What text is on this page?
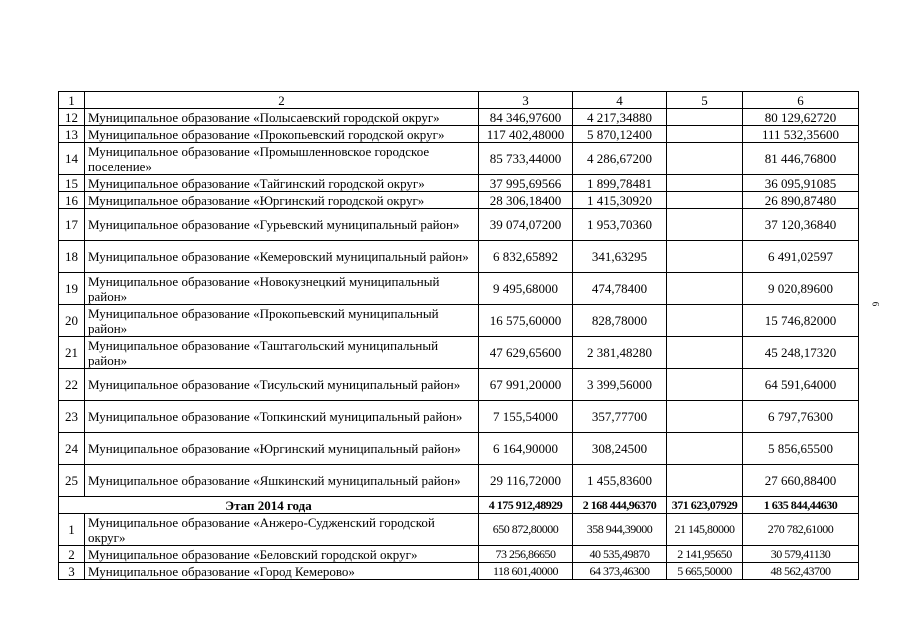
1	2	3	4	5	6
12	Муниципальное образование «Полысаевский городской округ»	84 346,97600	4 217,34880		80 129,62720
13	Муниципальное образование «Прокопьевский городской округ»	117 402,48000	5 870,12400		111 532,35600
14	Муниципальное образование «Промышленновское городское поселение»	85 733,44000	4 286,67200		81 446,76800
15	Муниципальное образование «Тайгинский городской округ»	37 995,69566	1 899,78481		36 095,91085
16	Муниципальное образование «Юргинский городской округ»	28 306,18400	1 415,30920		26 890,87480
17	Муниципальное образование «Гурьевский муниципальный район»	39 074,07200	1 953,70360		37 120,36840
18	Муниципальное образование «Кемеровский муниципальный район»	6 832,65892	341,63295		6 491,02597
19	Муниципальное образование «Новокузнецкий муниципальный район»	9 495,68000	474,78400		9 020,89600
20	Муниципальное образование «Прокопьевский муниципальный район»	16 575,60000	828,78000		15 746,82000
21	Муниципальное образование «Таштагольский муниципальный район»	47 629,65600	2 381,48280		45 248,17320
22	Муниципальное образование «Тисульский муниципальный район»	67 991,20000	3 399,56000		64 591,64000
23	Муниципальное образование «Топкинский муниципальный район»	7 155,54000	357,77700		6 797,76300
24	Муниципальное образование «Юргинский муниципальный район»	6 164,90000	308,24500		5 856,65500
25	Муниципальное образование «Яшкинский муниципальный район»	29 116,72000	1 455,83600		27 660,88400
Этап 2014 года		4 175 912,48929	2 168 444,96370	371 623,07929	1 635 844,44630
1	Муниципальное образование «Анжеро-Судженский городской округ»	650 872,80000	358 944,39000	21 145,80000	270 782,61000
2	Муниципальное образование «Беловский городской округ»	73 256,86650	40 535,49870	2 141,95650	30 579,41130
3	Муниципальное образование «Город Кемерово»	118 601,40000	64 373,46300	5 665,50000	48 562,43700
6
